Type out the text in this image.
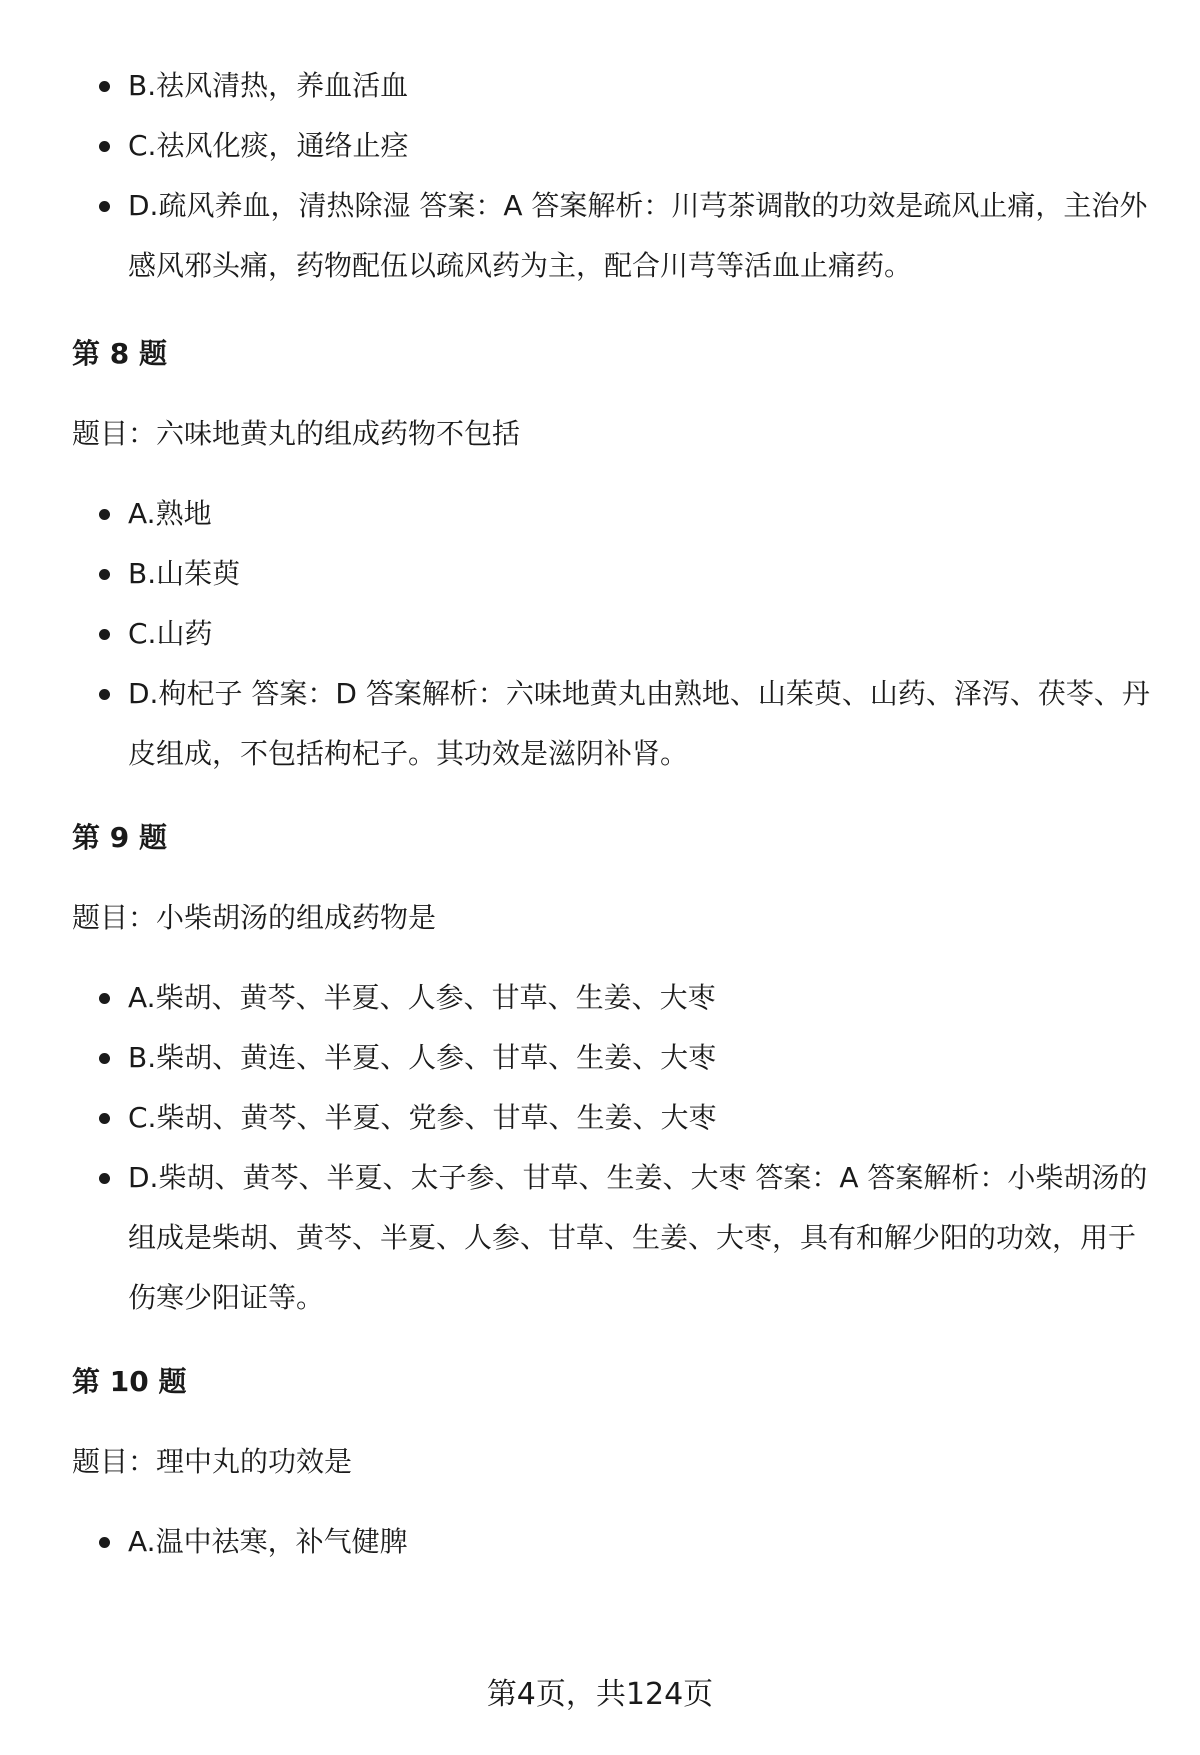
B.祛风清热，养血活血
C.祛风化痰，通络止痉
D.疏风养血，清热除湿 答案：A 答案解析：川芎茶调散的功效是疏风止痛，主治外感风邪头痛，药物配伍以疏风药为主，配合川芎等活血止痛药。

第 8 题

题目：六味地黄丸的组成药物不包括

A.熟地
B.山茱萸
C.山药
D.枸杞子 答案：D 答案解析：六味地黄丸由熟地、山茱萸、山药、泽泻、茯苓、丹皮组成，不包括枸杞子。其功效是滋阴补肾。

第 9 题

题目：小柴胡汤的组成药物是

A.柴胡、黄芩、半夏、人参、甘草、生姜、大枣
B.柴胡、黄连、半夏、人参、甘草、生姜、大枣
C.柴胡、黄芩、半夏、党参、甘草、生姜、大枣
D.柴胡、黄芩、半夏、太子参、甘草、生姜、大枣 答案：A 答案解析：小柴胡汤的组成是柴胡、黄芩、半夏、人参、甘草、生姜、大枣，具有和解少阳的功效，用于伤寒少阳证等。

第 10 题

题目：理中丸的功效是

A.温中祛寒，补气健脾
第4页，共124页
